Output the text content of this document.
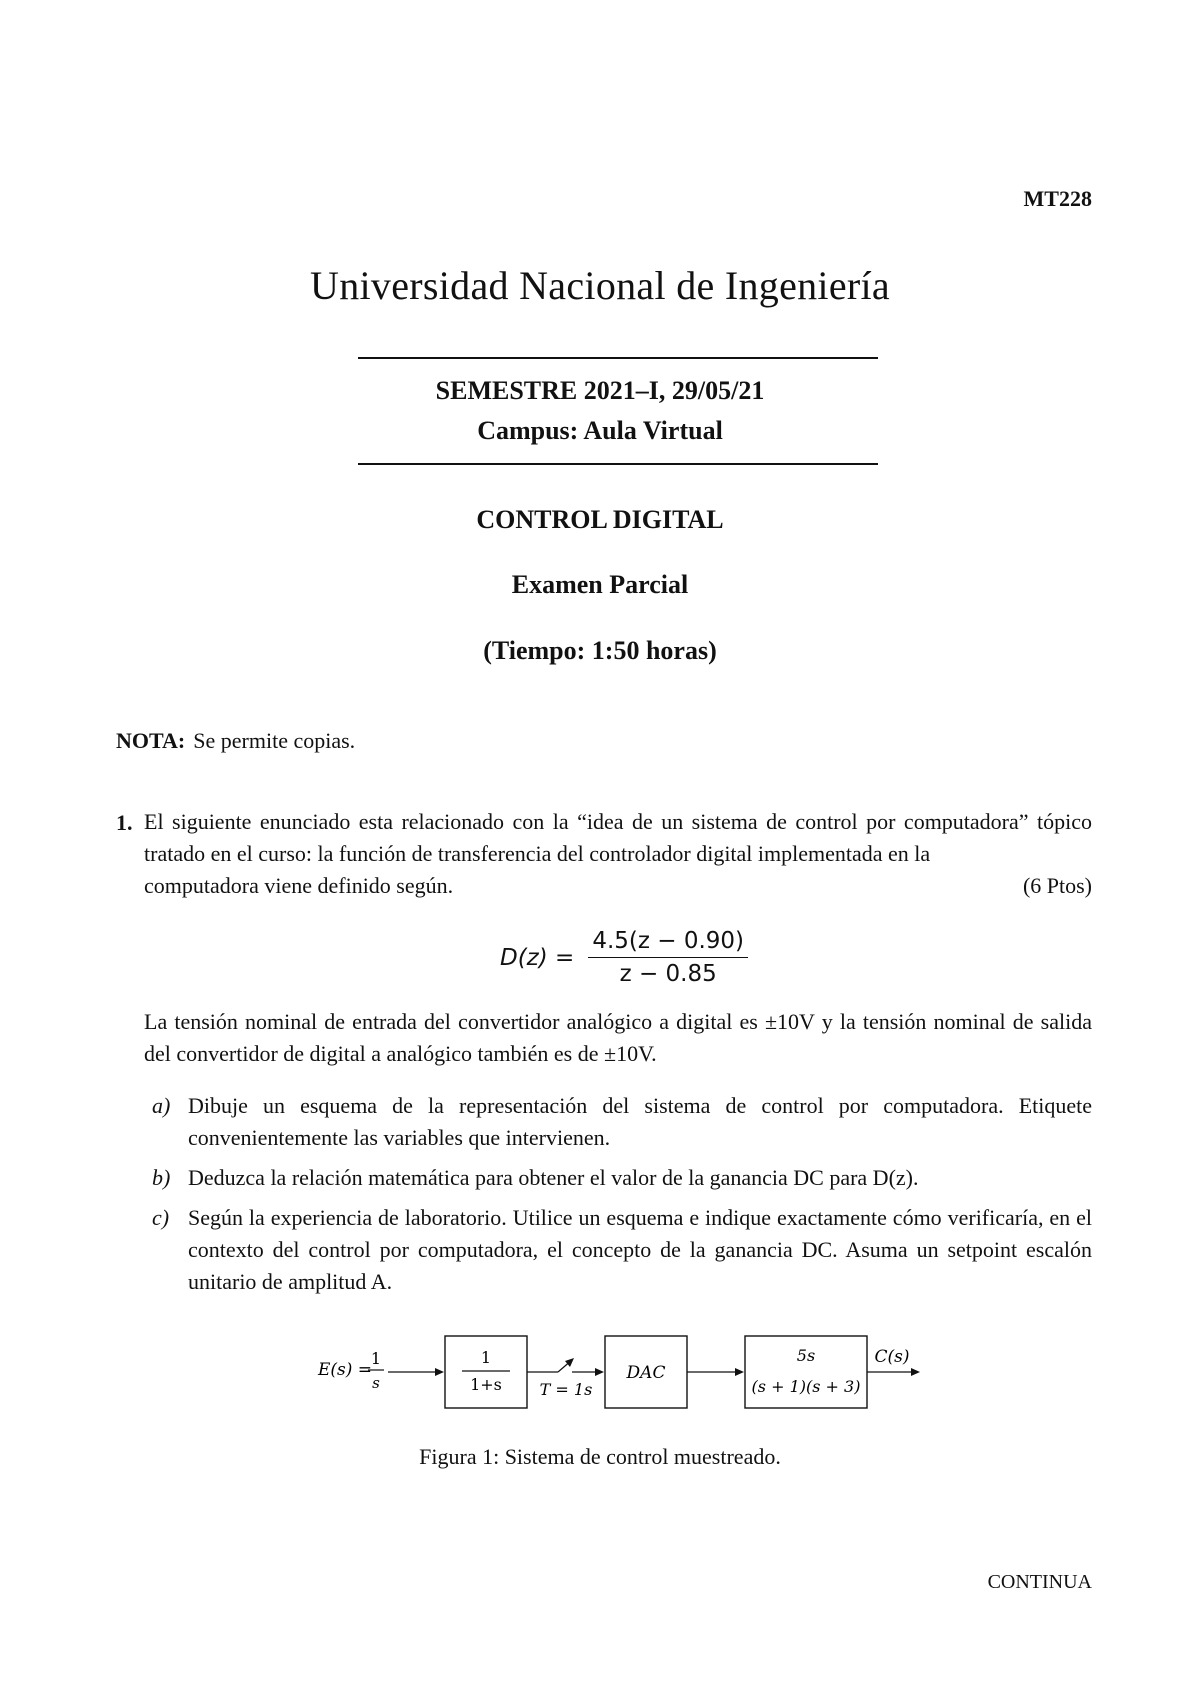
MT228
Universidad Nacional de Ingeniería
SEMESTRE 2021–I, 29/05/21
Campus: Aula Virtual
CONTROL DIGITAL
Examen Parcial
(Tiempo: 1:50 horas)
NOTA: Se permite copias.
1. El siguiente enunciado esta relacionado con la “idea de un sistema de control por computadora” tópico tratado en el curso: la función de transferencia del controlador digital implementada en la
computadora viene definido según.	(6 Ptos)
$D(z) = \frac{4.5(z - 0.90)}{z - 0.85}$
La tensión nominal de entrada del convertidor analógico a digital es ±10V y la tensión nominal de salida del convertidor de digital a analógico también es de ±10V.
a) Dibuje un esquema de la representación del sistema de control por computadora. Etiquete convenientemente las variables que intervienen.
b) Deduzca la relación matemática para obtener el valor de la ganancia DC para D(z).
c) Según la experiencia de laboratorio. Utilice un esquema e indique exactamente cómo verificaría, en el contexto del control por computadora, el concepto de la ganancia DC. Asuma un setpoint escalón unitario de amplitud A.
E(s) =
1
s
1
1+s T = 1s
DAC
5s
(s + 1)(s + 3)
C(s)
Figura 1: Sistema de control muestreado.
CONTINUA
